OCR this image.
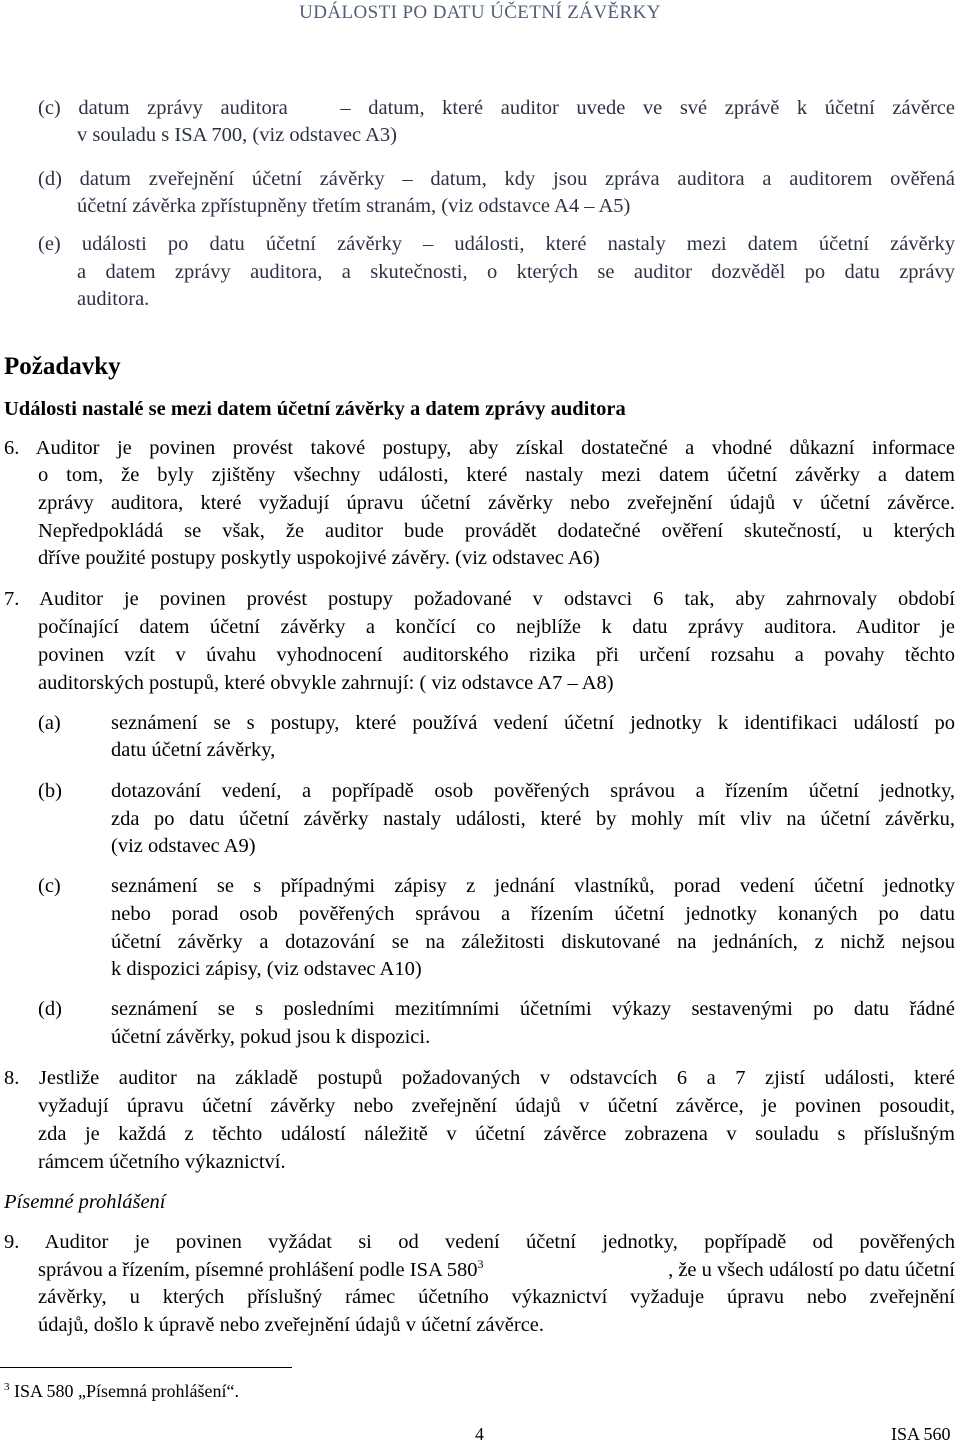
UDÁLOSTI PO DATU ÚČETNÍ ZÁVĚRKY
(c) datum zprávy auditora   – datum, které auditor uvede ve své zprávě k účetní závěrce
v souladu s ISA 700, (viz odstavec A3)
(d) datum zveřejnění účetní závěrky – datum, kdy jsou zpráva auditora a auditorem ověřená
účetní závěrka zpřístupněny třetím stranám, (viz odstavce A4 – A5)
(e) události po datu účetní závěrky – události, které nastaly mezi datem účetní závěrky
a datem zprávy auditora, a skutečnosti, o kterých se auditor dozvěděl po datu zprávy
auditora.
Požadavky
Události nastalé se mezi datem účetní závěrky a datem zprávy auditora
6. Auditor je povinen provést takové postupy, aby získal dostatečné a vhodné důkazní informace
o tom, že byly zjištěny všechny události, které nastaly mezi datem účetní závěrky a datem
zprávy auditora, které vyžadují úpravu účetní závěrky nebo zveřejnění údajů v účetní závěrce.
Nepředpokládá se však, že auditor bude provádět dodatečné ověření skutečností, u kterých
dříve použité postupy poskytly uspokojivé závěry. (viz odstavec A6)
7. Auditor je povinen provést postupy požadované v odstavci 6 tak, aby zahrnovaly období
počínající datem účetní závěrky a končící co nejblíže k datu zprávy auditora. Auditor je
povinen vzít v úvahu vyhodnocení auditorského rizika při určení rozsahu a povahy těchto
auditorských postupů, které obvykle zahrnují: ( viz odstavce A7 – A8)
(a) seznámení se s postupy, které používá vedení účetní jednotky k identifikaci událostí po
datu účetní závěrky,
(b) dotazování vedení, a popřípadě osob pověřených správou a řízením účetní jednotky,
zda po datu účetní závěrky nastaly události, které by mohly mít vliv na účetní závěrku,
(viz odstavec A9)
(c) seznámení se s případnými zápisy z jednání vlastníků, porad vedení účetní jednotky
nebo porad osob pověřených správou a řízením účetní jednotky konaných po datu
účetní závěrky a dotazování se na záležitosti diskutované na jednáních, z nichž nejsou
k dispozici zápisy, (viz odstavec A10)
(d) seznámení se s posledními mezitímními účetními výkazy sestavenými po datu řádné
účetní závěrky, pokud jsou k dispozici.
8. Jestliže auditor na základě postupů požadovaných v odstavcích 6 a 7 zjistí události, které
vyžadují úpravu účetní závěrky nebo zveřejnění údajů v účetní závěrce, je povinen posoudit,
zda je každá z těchto událostí náležitě v účetní závěrce zobrazena v souladu s příslušným
rámcem účetního výkaznictví.
Písemné prohlášení
9. Auditor je povinen vyžádat si od vedení účetní jednotky, popřípadě od pověřených
správou a řízením, písemné prohlášení podle ISA $580^3$	, že u všech událostí po datu účetní
závěrky, u kterých příslušný rámec účetního výkaznictví vyžaduje úpravu nebo zveřejnění
údajů, došlo k úpravě nebo zveřejnění údajů v účetní závěrce.
$^3$ ISA 580 „Písemná prohlášení“.
4	ISA 560
